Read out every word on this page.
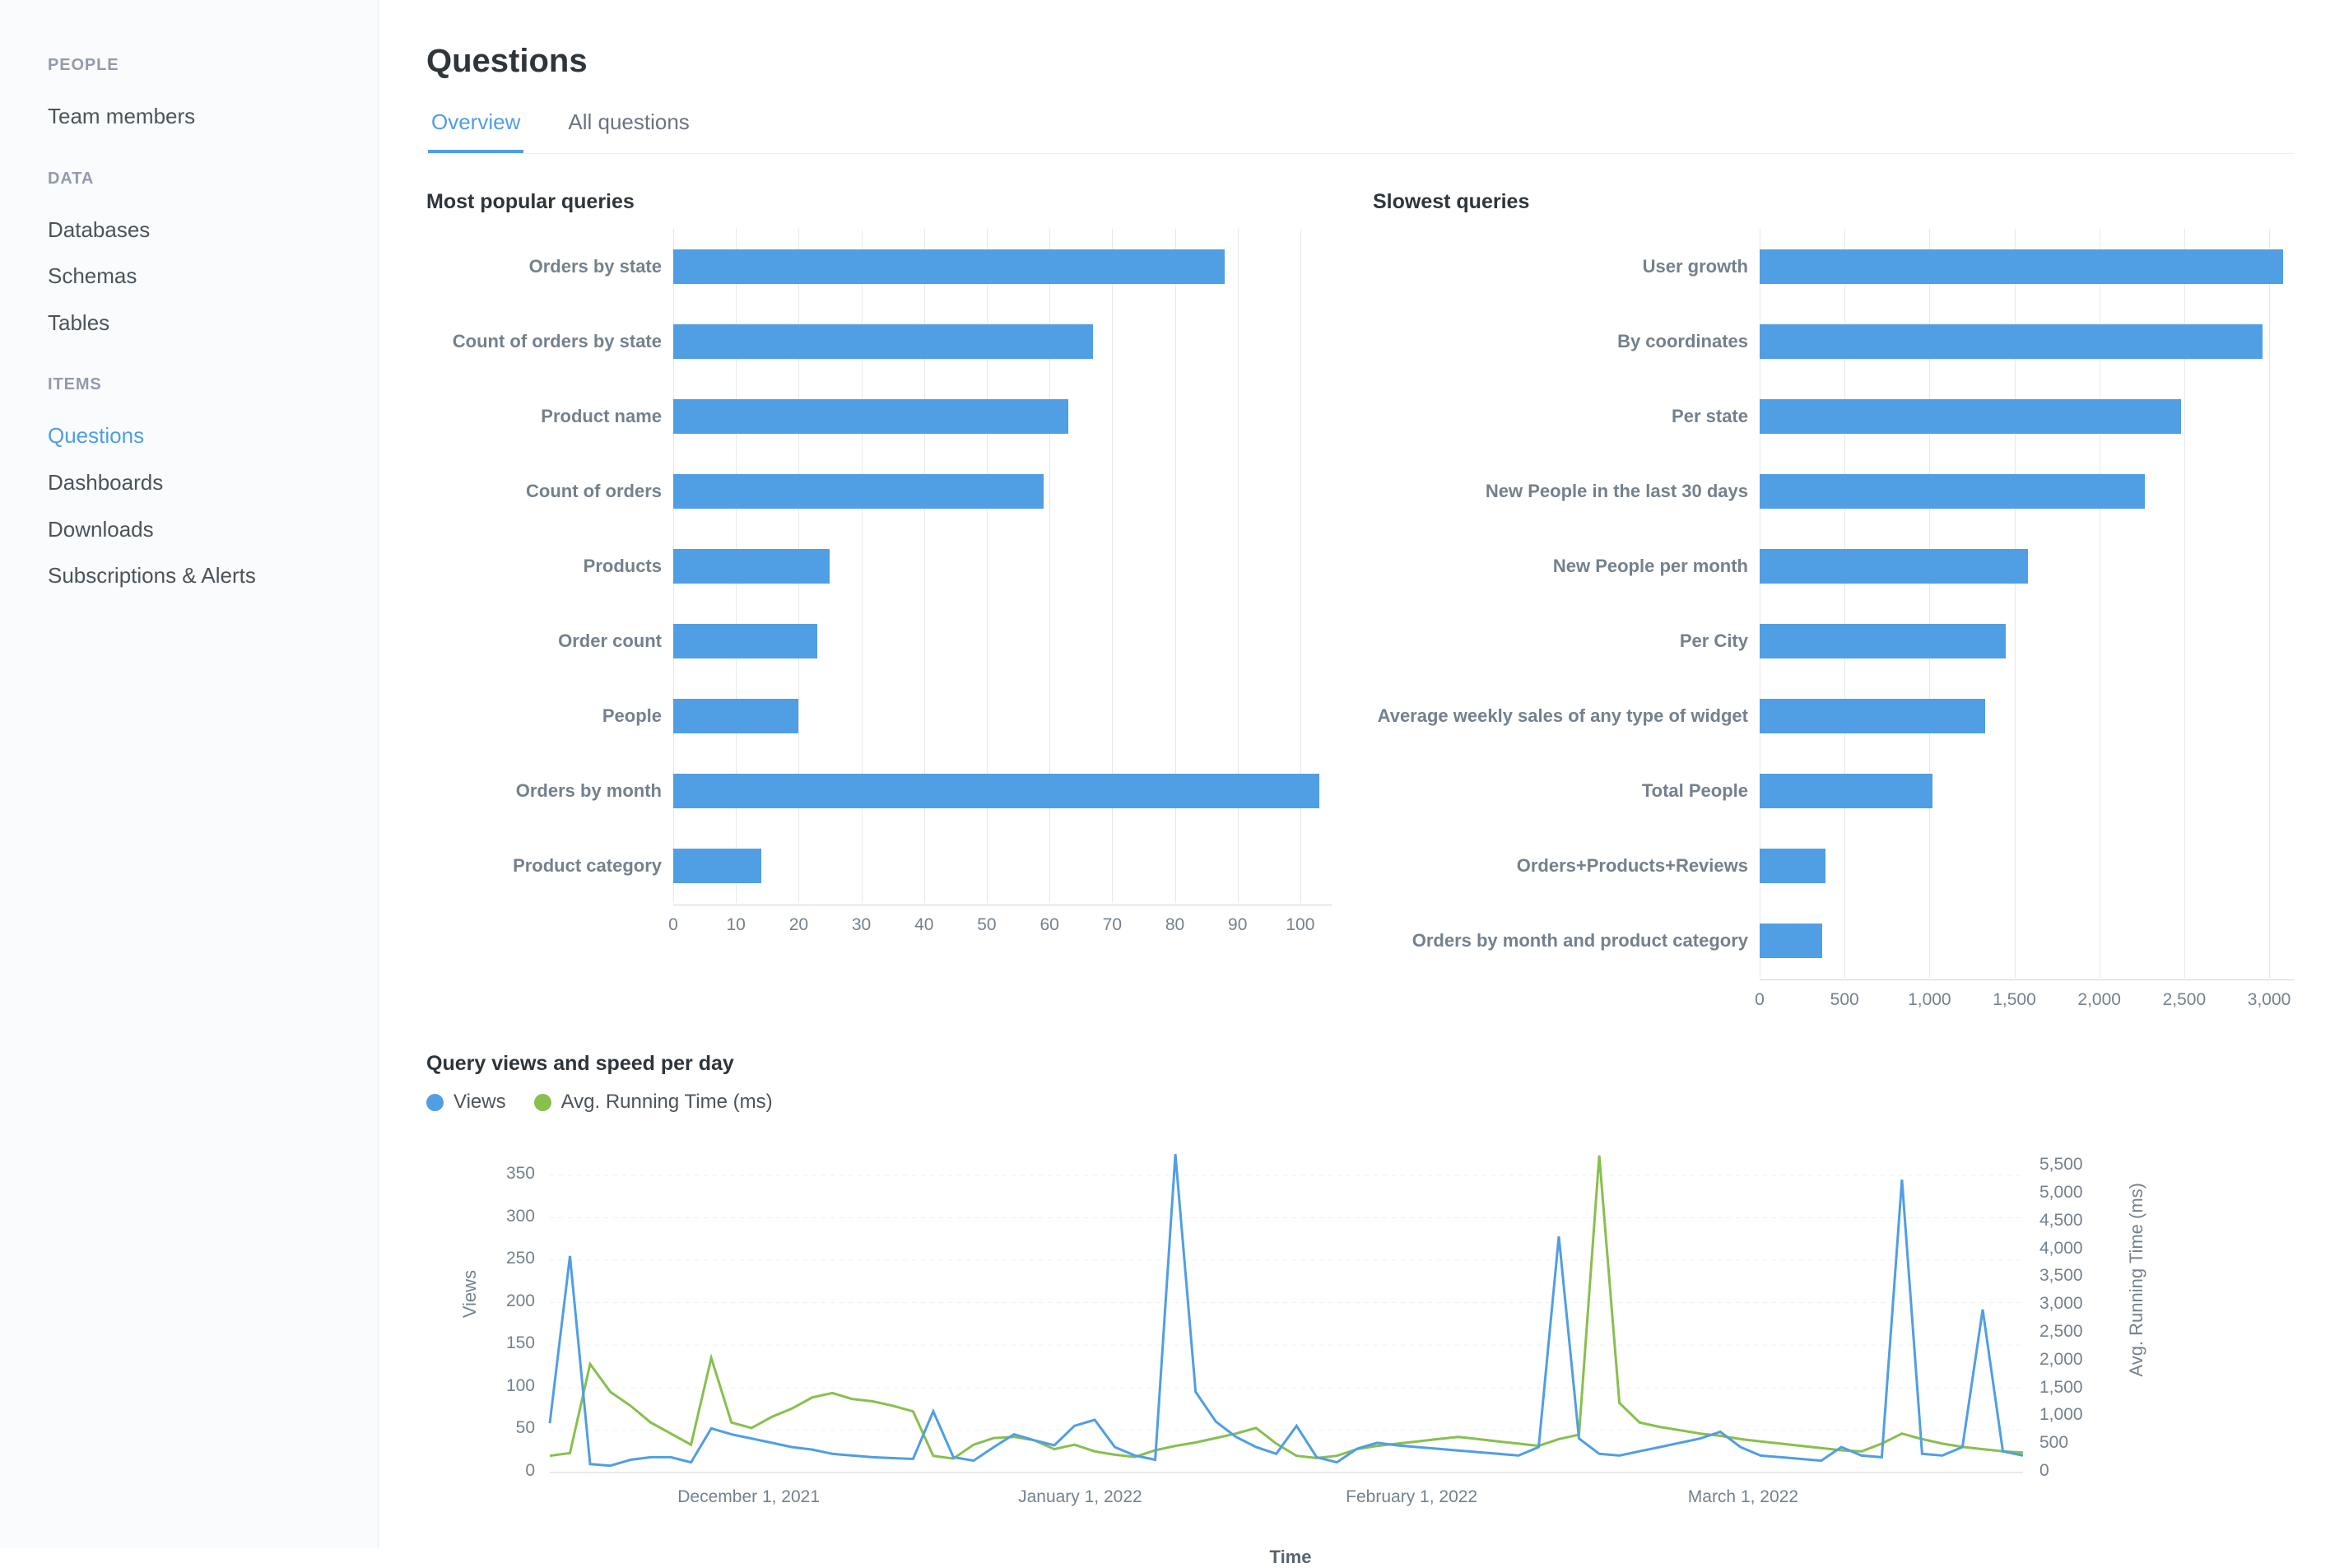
PEOPLE
Team members
DATA
Databases
Schemas
Tables
ITEMS
Questions
Dashboards
Downloads
Subscriptions & Alerts
Questions
Overview All questions
Most popular queries
Orders by state
Count of orders by state
Product name
Count of orders
Products
Order count
People
Orders by month
Product category
0	10	20	30	40	50	60	70	80	90 100
Slowest queries
User growth
By coordinates
Per state
New People in the last 30 days
New People per month
Per City
Average weekly sales of any type of widget
Total People
Orders+Products+Reviews
Orders by month and product category
0	500	1,000 1,500 2,000 2,500 3,000
Query views and speed per day
Views	Avg. Running Time (ms)
0
50
100
150
200
250
300
350
0
500
1,000
1,500
2,000
2,500
3,000
3,500
4,000
4,500
5,000
5,500
December 1, 2021	January 1, 2022	February 1, 2022	March 1, 2022
Views	Avg. Running Time (ms)
Time
